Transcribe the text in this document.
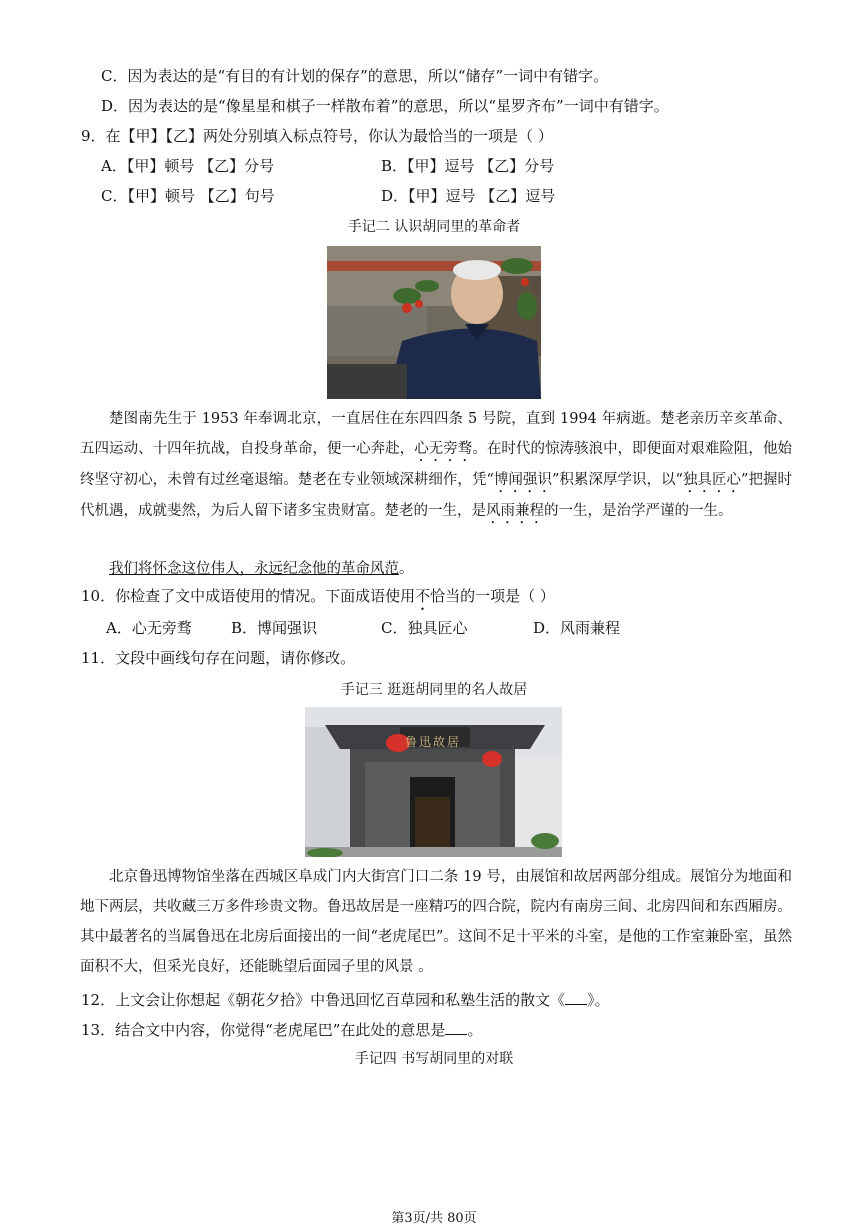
C．因为表达的是“有目的有计划的保存”的意思，所以“储存”一词中有错字。
D．因为表达的是“像星星和棋子一样散布着”的意思，所以“星罗齐布”一词中有错字。
9．在【甲】【乙】两处分别填入标点符号，你认为最恰当的一项是（ ）
A．【甲】顿号 【乙】分号	B．【甲】逗号 【乙】分号
C．【甲】顿号 【乙】句号	D．【甲】逗号 【乙】逗号
手记二 认识胡同里的革命者
楚图南先生于 1953 年奉调北京，一直居住在东四四条 5 号院，直到 1994 年病逝。楚老亲历辛亥革命、五四运动、十四年抗战，自投身革命，便一心奔赴，心无旁骛。在时代的惊涛骇浪中，即便面对艰难险阻，他始终坚守初心，未曾有过丝毫退缩。楚老在专业领域深耕细作，凭“博闻强识”积累深厚学识，以“独具匠心”把握时代机遇，成就斐然，为后人留下诸多宝贵财富。楚老的一生，是风雨兼程的一生，是治学严谨的一生。
我们将怀念这位伟人，永远纪念他的革命风范。
10．你检查了文中成语使用的情况。下面成语使用不恰当的一项是（ ）
A．心无旁骛	B．博闻强识	C．独具匠心	D．风雨兼程
11．文段中画线句存在问题，请你修改。
手记三 逛逛胡同里的名人故居
鲁迅故居
北京鲁迅博物馆坐落在西城区阜成门内大街宫门口二条 19 号，由展馆和故居两部分组成。展馆分为地面和地下两层，共收藏三万多件珍贵文物。鲁迅故居是一座精巧的四合院，院内有南房三间、北房四间和东西厢房。其中最著名的当属鲁迅在北房后面接出的一间“老虎尾巴”。这间不足十平米的斗室，是他的工作室兼卧室，虽然面积不大，但采光良好，还能眺望后面园子里的风景 。
12．上文会让你想起《朝花夕拾》中鲁迅回忆百草园和私塾生活的散文《 》。
13．结合文中内容，你觉得“老虎尾巴”在此处的意思是 。
手记四 书写胡同里的对联
第3页/共 80页
